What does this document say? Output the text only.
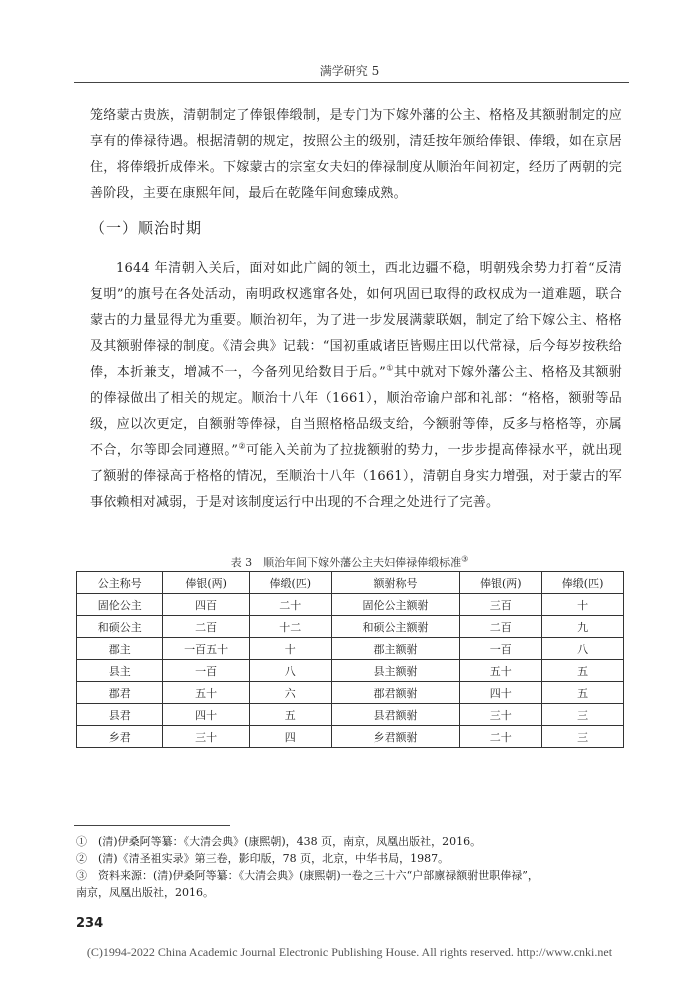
满学研究 5

笼络蒙古贵族，清朝制定了俸银俸缎制，是专门为下嫁外藩的公主、格格及其额驸制定的应享有的俸禄待遇。根据清朝的规定，按照公主的级别，清廷按年颁给俸银、俸缎，如在京居住，将俸缎折成俸米。下嫁蒙古的宗室女夫妇的俸禄制度从顺治年间初定，经历了两朝的完善阶段，主要在康熙年间，最后在乾隆年间愈臻成熟。

（一）顺治时期

1644 年清朝入关后，面对如此广阔的领土，西北边疆不稳，明朝残余势力打着“反清复明”的旗号在各处活动，南明政权逃窜各处，如何巩固已取得的政权成为一道难题，联合蒙古的力量显得尤为重要。顺治初年，为了进一步发展满蒙联姻，制定了给下嫁公主、格格及其额驸俸禄的制度。《清会典》记载：“国初重戚诸臣皆赐庄田以代常禄，后今每岁按秩给俸，本折兼支，增减不一，今备列见给数目于后。”①其中就对下嫁外藩公主、格格及其额驸的俸禄做出了相关的规定。顺治十八年（1661），顺治帝谕户部和礼部：“格格，额驸等品级，应以次更定，自额驸等俸禄，自当照格格品级支给，今额驸等俸，反多与格格等，亦属不合，尔等即会同遵照。”②可能入关前为了拉拢额驸的势力，一步步提高俸禄水平，就出现了额驸的俸禄高于格格的情况，至顺治十八年（1661），清朝自身实力增强，对于蒙古的军事依赖相对减弱，于是对该制度运行中出现的不合理之处进行了完善。

表 3　顺治年间下嫁外藩公主夫妇俸禄俸缎标准③
公主称号	俸银(两)	俸缎(匹)	额驸称号	俸银(两)	俸缎(匹)
固伦公主	四百	二十	固伦公主额驸	三百	十
和硕公主	二百	十二	和硕公主额驸	二百	九
郡主	一百五十	十	郡主额驸	一百	八
县主	一百	八	县主额驸	五十	五
郡君	五十	六	郡君额驸	四十	五
县君	四十	五	县君额驸	三十	三
乡君	三十	四	乡君额驸	二十	三
①　(清)伊桑阿等纂：《大清会典》(康熙朝)，438 页，南京，凤凰出版社，2016。
②　(清)《清圣祖实录》第三卷，影印版，78 页，北京，中华书局，1987。
③　资料来源：(清)伊桑阿等纂：《大清会典》(康熙朝)一卷之三十六“户部廪禄额驸世职俸禄”，
南京，凤凰出版社，2016。
234
(C)1994-2022 China Academic Journal Electronic Publishing House. All rights reserved. http://www.cnki.net
